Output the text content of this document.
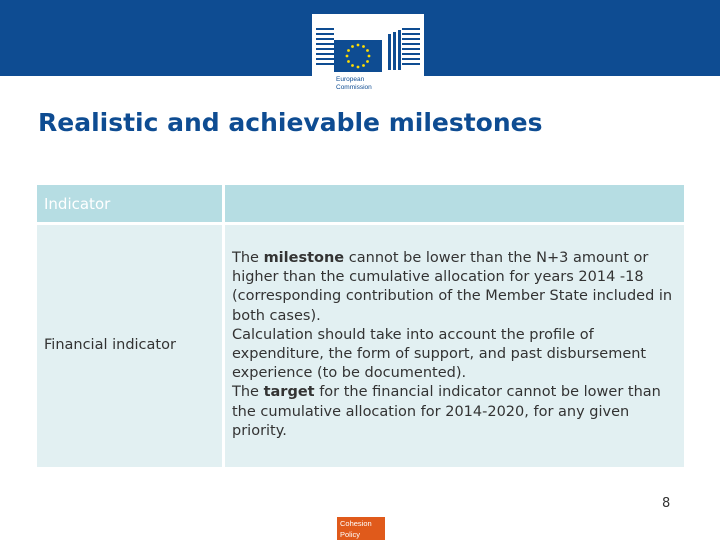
European
Commission
Realistic and achievable milestones
Indicator
Financial indicator
The milestone cannot be lower than the N+3 amount or higher than the cumulative allocation for years 2014 -18 (corresponding contribution of the Member State included in both cases).
Calculation should take into account the profile of expenditure, the form of support, and past disbursement experience (to be documented).
The target for the financial indicator cannot be lower than the cumulative allocation for 2014-2020, for any given priority.
8
Cohesion
Policy
